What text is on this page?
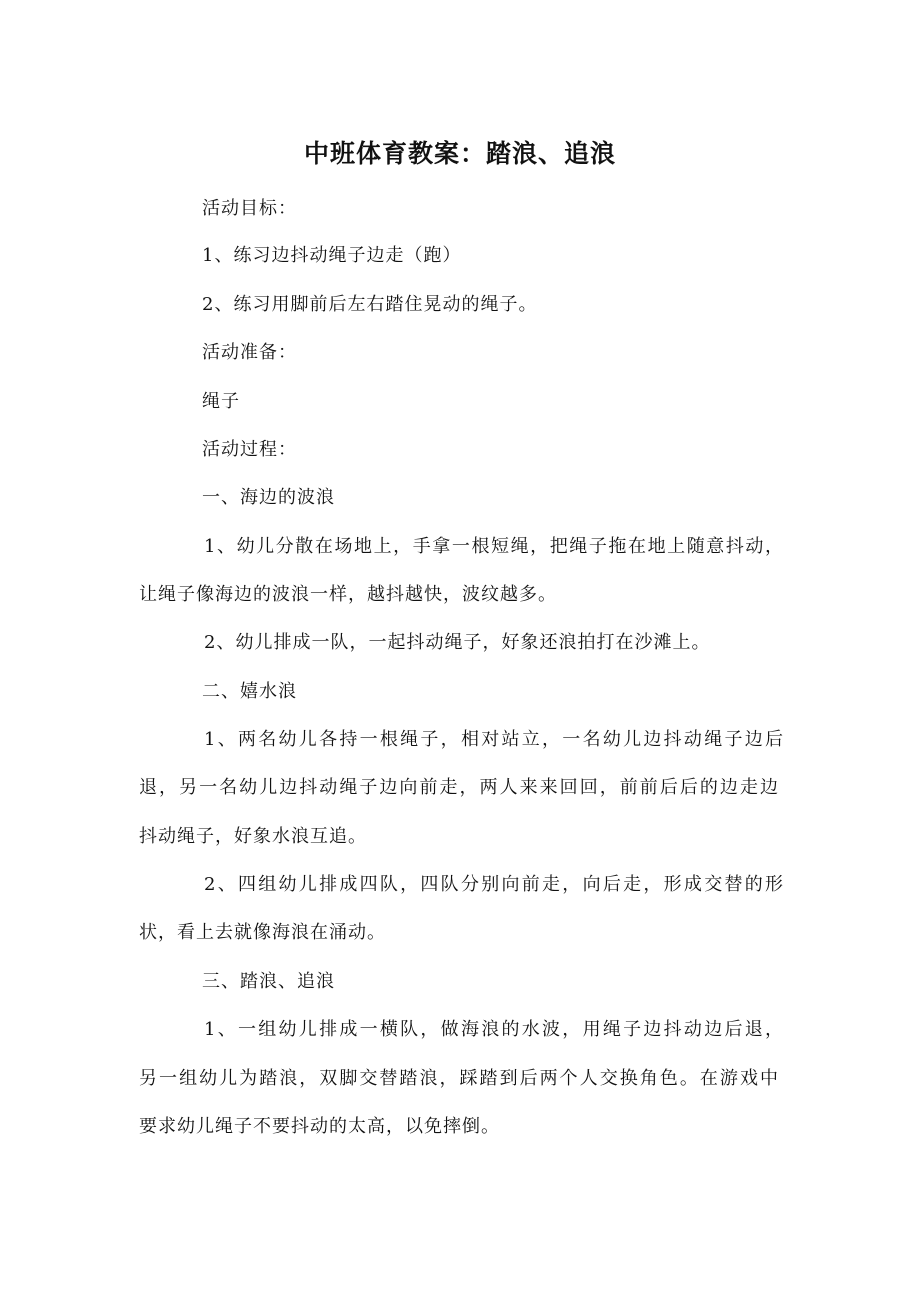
中班体育教案：踏浪、追浪
活动目标：
1、练习边抖动绳子边走（跑）
2、练习用脚前后左右踏住晃动的绳子。
活动准备：
绳子
活动过程：
一、海边的波浪
1、幼儿分散在场地上，手拿一根短绳，把绳子拖在地上随意抖动，
让绳子像海边的波浪一样，越抖越快，波纹越多。
2、幼儿排成一队，一起抖动绳子，好象还浪拍打在沙滩上。
二、嬉水浪
1、两名幼儿各持一根绳子，相对站立，一名幼儿边抖动绳子边后
退，另一名幼儿边抖动绳子边向前走，两人来来回回，前前后后的边走边
抖动绳子，好象水浪互追。
2、四组幼儿排成四队，四队分别向前走，向后走，形成交替的形
状，看上去就像海浪在涌动。
三、踏浪、追浪
1、一组幼儿排成一横队，做海浪的水波，用绳子边抖动边后退，
另一组幼儿为踏浪，双脚交替踏浪，踩踏到后两个人交换角色。在游戏中
要求幼儿绳子不要抖动的太高，以免摔倒。
